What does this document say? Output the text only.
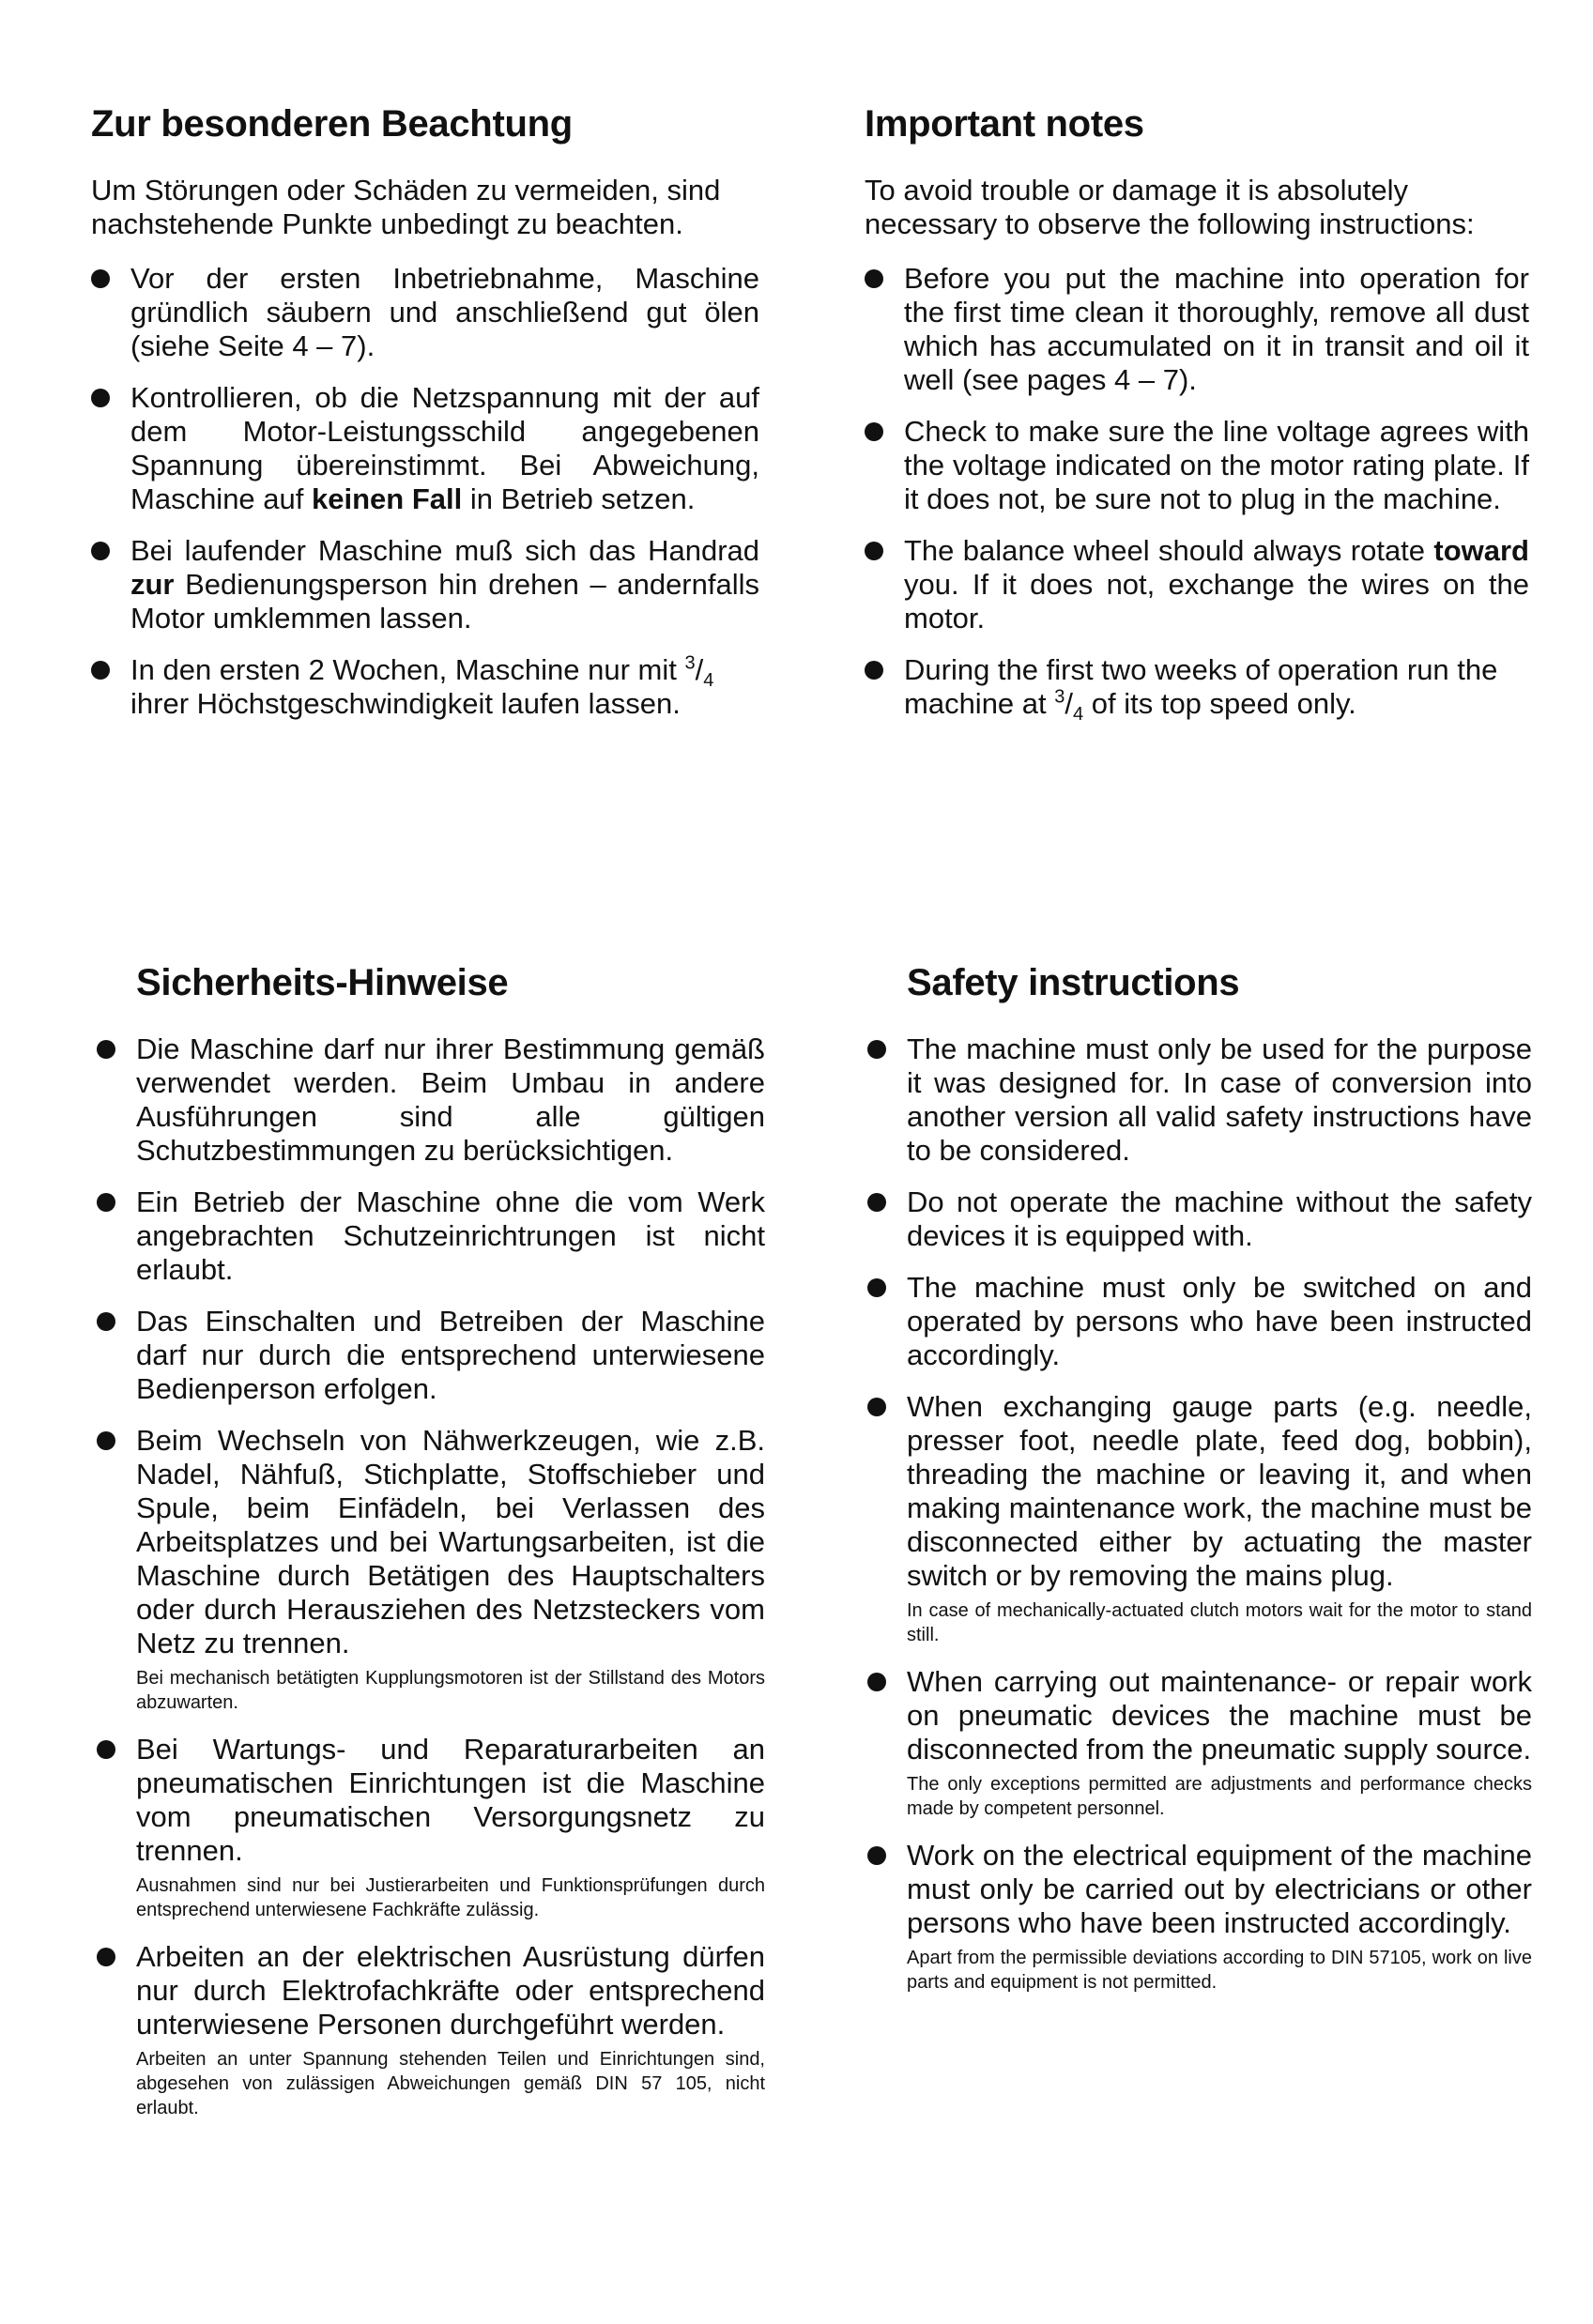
Zur besonderen Beachtung

Um Störungen oder Schäden zu vermeiden, sind nachstehende Punkte unbedingt zu beachten.

Vor der ersten Inbetriebnahme, Maschine gründlich säubern und anschließend gut ölen (siehe Seite 4 – 7).
Kontrollieren, ob die Netzspannung mit der auf dem Motor-Leistungsschild angegebenen Spannung übereinstimmt. Bei Abweichung, Maschine auf keinen Fall in Betrieb setzen.
Bei laufender Maschine muß sich das Handrad zur Bedienungsperson hin drehen – andernfalls Motor umklemmen lassen.
In den ersten 2 Wochen, Maschine nur mit $^3/_4$ ihrer Höchstgeschwindigkeit laufen lassen.
Important notes

To avoid trouble or damage it is absolutely necessary to observe the following instructions:

Before you put the machine into operation for the first time clean it thoroughly, remove all dust which has accumulated on it in transit and oil it well (see pages 4 – 7).
Check to make sure the line voltage agrees with the voltage indicated on the motor rating plate. If it does not, be sure not to plug in the machine.
The balance wheel should always rotate toward you. If it does not, exchange the wires on the motor.
During the first two weeks of operation run the machine at $^3/_4$ of its top speed only.
Sicherheits-Hinweise
Die Maschine darf nur ihrer Bestimmung gemäß verwendet werden. Beim Umbau in andere Ausführungen sind alle gültigen Schutzbestimmungen zu berücksichtigen.
Ein Betrieb der Maschine ohne die vom Werk angebrachten Schutzeinrichtrungen ist nicht erlaubt.
Das Einschalten und Betreiben der Maschine darf nur durch die entsprechend unterwiesene Bedienperson erfolgen.
Beim Wechseln von Nähwerkzeugen, wie z.B. Nadel, Nähfuß, Stichplatte, Stoffschieber und Spule, beim Einfädeln, bei Verlassen des Arbeitsplatzes und bei Wartungsarbeiten, ist die Maschine durch Betätigen des Hauptschalters oder durch Herausziehen des Netzsteckers vom Netz zu trennen.
Bei mechanisch betätigten Kupplungsmotoren ist der Stillstand des Motors abzuwarten.
Bei Wartungs- und Reparaturarbeiten an pneumatischen Einrichtungen ist die Maschine vom pneumatischen Versorgungsnetz zu trennen.
Ausnahmen sind nur bei Justierarbeiten und Funktionsprüfungen durch entsprechend unterwiesene Fachkräfte zulässig.
Arbeiten an der elektrischen Ausrüstung dürfen nur durch Elektrofachkräfte oder entsprechend unterwiesene Personen durchgeführt werden.
Arbeiten an unter Spannung stehenden Teilen und Einrichtungen sind, abgesehen von zulässigen Abweichungen gemäß DIN 57 105, nicht erlaubt.
Safety instructions
The machine must only be used for the purpose it was designed for. In case of conversion into another version all valid safety instructions have to be considered.
Do not operate the machine without the safety devices it is equipped with.
The machine must only be switched on and operated by persons who have been instructed accordingly.
When exchanging gauge parts (e.g. needle, presser foot, needle plate, feed dog, bobbin), threading the machine or leaving it, and when making maintenance work, the machine must be disconnected either by actuating the master switch or by removing the mains plug.
In case of mechanically-actuated clutch motors wait for the motor to stand still.
When carrying out maintenance- or repair work on pneumatic devices the machine must be disconnected from the pneumatic supply source.
The only exceptions permitted are adjustments and performance checks made by competent personnel.
Work on the electrical equipment of the machine must only be carried out by electricians or other persons who have been instructed accordingly.
Apart from the permissible deviations according to DIN 57105, work on live parts and equipment is not permitted.
